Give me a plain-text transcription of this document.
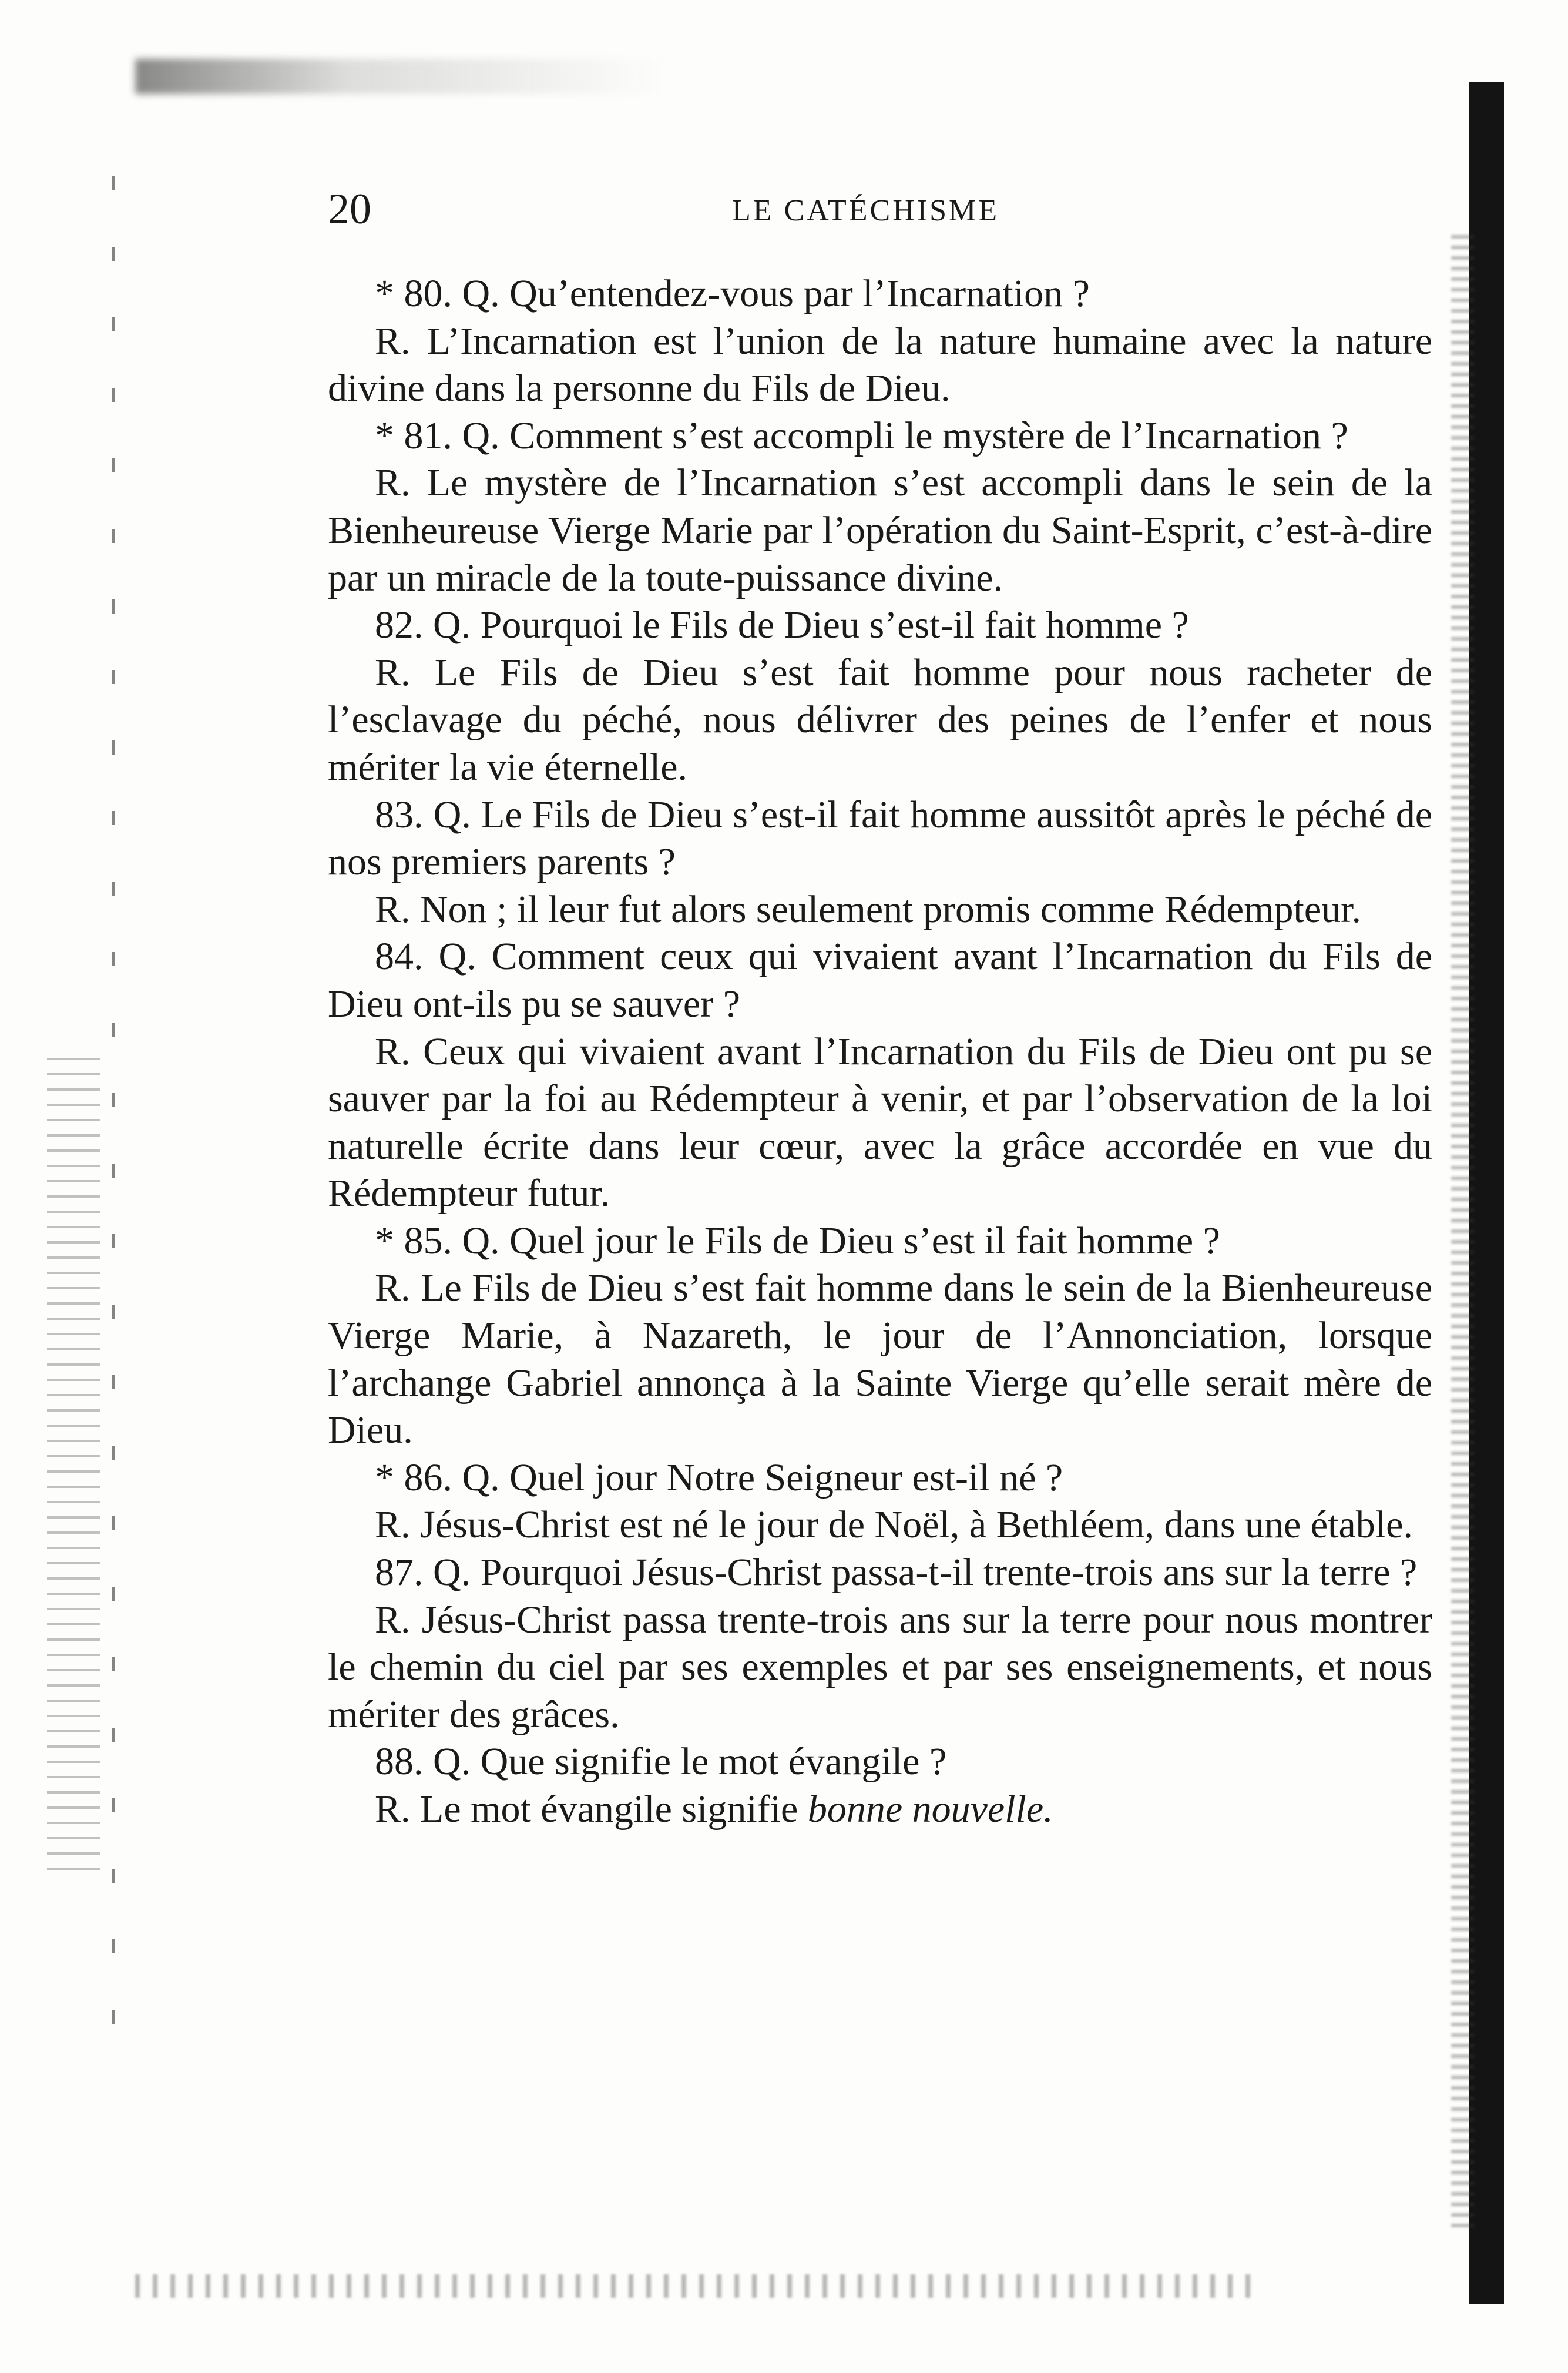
20	LE CATÉCHISME

* 80. Q. Qu’entendez-vous par l’Incarnation ?

R. L’Incarnation est l’union de la nature humaine avec la nature divine dans la personne du Fils de Dieu.

* 81. Q. Comment s’est accompli le mystère de l’Incarnation ?

R. Le mystère de l’Incarnation s’est accompli dans le sein de la Bienheureuse Vierge Marie par l’opération du Saint-Esprit, c’est-à-dire par un miracle de la toute-puissance divine.

82. Q. Pourquoi le Fils de Dieu s’est-il fait homme ?

R. Le Fils de Dieu s’est fait homme pour nous racheter de l’esclavage du péché, nous délivrer des peines de l’enfer et nous mériter la vie éternelle.

83. Q. Le Fils de Dieu s’est-il fait homme aussitôt après le péché de nos premiers parents ?

R. Non ; il leur fut alors seulement promis comme Rédempteur.

84. Q. Comment ceux qui vivaient avant l’Incarnation du Fils de Dieu ont-ils pu se sauver ?

R. Ceux qui vivaient avant l’Incarnation du Fils de Dieu ont pu se sauver par la foi au Rédempteur à venir, et par l’observation de la loi naturelle écrite dans leur cœur, avec la grâce accordée en vue du Rédempteur futur.

* 85. Q. Quel jour le Fils de Dieu s’est il fait homme ?

R. Le Fils de Dieu s’est fait homme dans le sein de la Bienheureuse Vierge Marie, à Nazareth, le jour de l’Annonciation, lorsque l’archange Gabriel annonça à la Sainte Vierge qu’elle serait mère de Dieu.

* 86. Q. Quel jour Notre Seigneur est-il né ?

R. Jésus-Christ est né le jour de Noël, à Bethléem, dans une étable.

87. Q. Pourquoi Jésus-Christ passa-t-il trente-trois ans sur la terre ?

R. Jésus-Christ passa trente-trois ans sur la terre pour nous montrer le chemin du ciel par ses exemples et par ses enseignements, et nous mériter des grâces.

88. Q. Que signifie le mot évangile ?

R. Le mot évangile signifie bonne nouvelle.
